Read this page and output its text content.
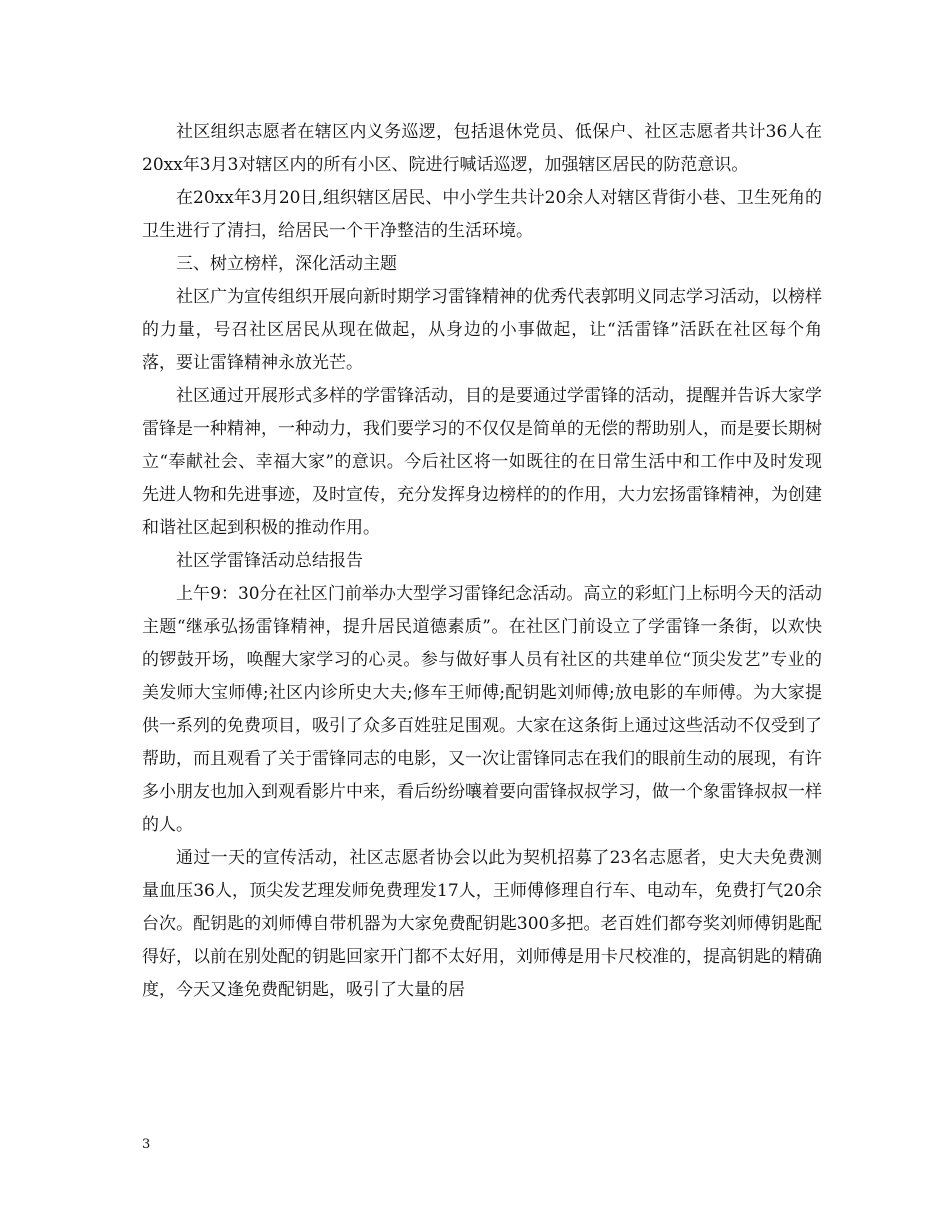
社区组织志愿者在辖区内义务巡逻，包括退休党员、低保户、社区志愿者共计36人在20xx年3月3对辖区内的所有小区、院进行喊话巡逻，加强辖区居民的防范意识。

在20xx年3月20日,组织辖区居民、中小学生共计20余人对辖区背街小巷、卫生死角的卫生进行了清扫，给居民一个干净整洁的生活环境。

三、树立榜样，深化活动主题

社区广为宣传组织开展向新时期学习雷锋精神的优秀代表郭明义同志学习活动，以榜样的力量，号召社区居民从现在做起，从身边的小事做起，让“活雷锋”活跃在社区每个角落，要让雷锋精神永放光芒。

社区通过开展形式多样的学雷锋活动，目的是要通过学雷锋的活动，提醒并告诉大家学雷锋是一种精神，一种动力，我们要学习的不仅仅是简单的无偿的帮助别人，而是要长期树立“奉献社会、幸福大家”的意识。今后社区将一如既往的在日常生活中和工作中及时发现先进人物和先进事迹，及时宣传，充分发挥身边榜样的的作用，大力宏扬雷锋精神，为创建和谐社区起到积极的推动作用。

社区学雷锋活动总结报告

上午9：30分在社区门前举办大型学习雷锋纪念活动。高立的彩虹门上标明今天的活动主题“继承弘扬雷锋精神，提升居民道德素质”。在社区门前设立了学雷锋一条街，以欢快的锣鼓开场，唤醒大家学习的心灵。参与做好事人员有社区的共建单位“顶尖发艺”专业的美发师大宝师傅;社区内诊所史大夫;修车王师傅;配钥匙刘师傅;放电影的车师傅。为大家提供一系列的免费项目，吸引了众多百姓驻足围观。大家在这条街上通过这些活动不仅受到了帮助，而且观看了关于雷锋同志的电影，又一次让雷锋同志在我们的眼前生动的展现，有许多小朋友也加入到观看影片中来，看后纷纷嚷着要向雷锋叔叔学习，做一个象雷锋叔叔一样的人。

通过一天的宣传活动，社区志愿者协会以此为契机招募了23名志愿者，史大夫免费测量血压36人，顶尖发艺理发师免费理发17人，王师傅修理自行车、电动车，免费打气20余台次。配钥匙的刘师傅自带机器为大家免费配钥匙300多把。老百姓们都夸奖刘师傅钥匙配得好，以前在别处配的钥匙回家开门都不太好用，刘师傅是用卡尺校准的，提高钥匙的精确度，今天又逢免费配钥匙，吸引了大量的居

3
